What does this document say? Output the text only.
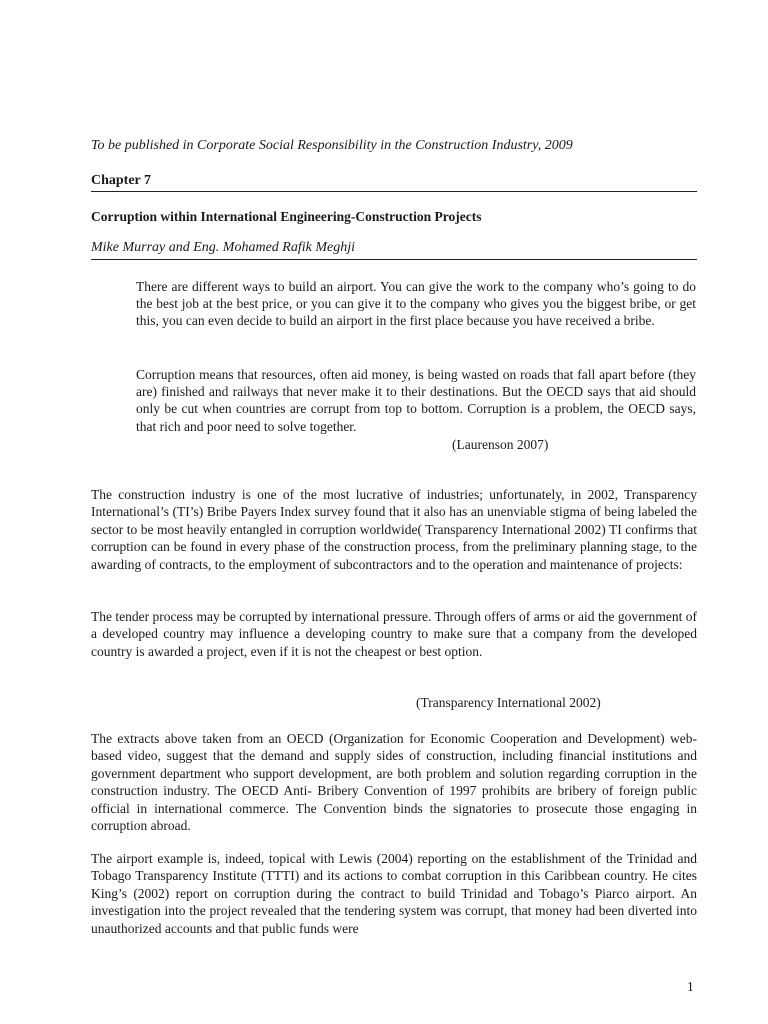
To be published in Corporate Social Responsibility in the Construction Industry, 2009

Chapter 7

Corruption within International Engineering-Construction Projects

Mike Murray and Eng. Mohamed Rafik Meghji

There are different ways to build an airport. You can give the work to the company who’s going to do the best job at the best price, or you can give it to the company who gives you the biggest bribe, or get this, you can even decide to build an airport in the first place because you have received a bribe.

Corruption means that resources, often aid money, is being wasted on roads that fall apart before (they are) finished and railways that never make it to their destinations. But the OECD says that aid should only be cut when countries are corrupt from top to bottom. Corruption is a problem, the OECD says, that rich and poor need to solve together.

(Laurenson 2007)

The construction industry is one of the most lucrative of industries; unfortunately, in 2002, Transparency International’s (TI’s) Bribe Payers Index survey found that it also has an unenviable stigma of being labeled the sector to be most heavily entangled in corruption worldwide( Transparency International 2002) TI confirms that corruption can be found in every phase of the construction process, from the preliminary planning stage, to the awarding of contracts, to the employment of subcontractors and to the operation and maintenance of projects:

The tender process may be corrupted by international pressure. Through offers of arms or aid the government of a developed country may influence a developing country to make sure that a company from the developed country is awarded a project, even if it is not the cheapest or best option.

(Transparency International 2002)

The extracts above taken from an OECD (Organization for Economic Cooperation and Development) web-based video, suggest that the demand and supply sides of construction, including financial institutions and government department who support development, are both problem and solution regarding corruption in the construction industry. The OECD Anti- Bribery Convention of 1997 prohibits are bribery of foreign public official in international commerce. The Convention binds the signatories to prosecute those engaging in corruption abroad.

The airport example is, indeed, topical with Lewis (2004) reporting on the establishment of the Trinidad and Tobago Transparency Institute (TTTI) and its actions to combat corruption in this Caribbean country. He cites King’s (2002) report on corruption during the contract to build Trinidad and Tobago’s Piarco airport. An investigation into the project revealed that the tendering system was corrupt, that money had been diverted into unauthorized accounts and that public funds were

1
